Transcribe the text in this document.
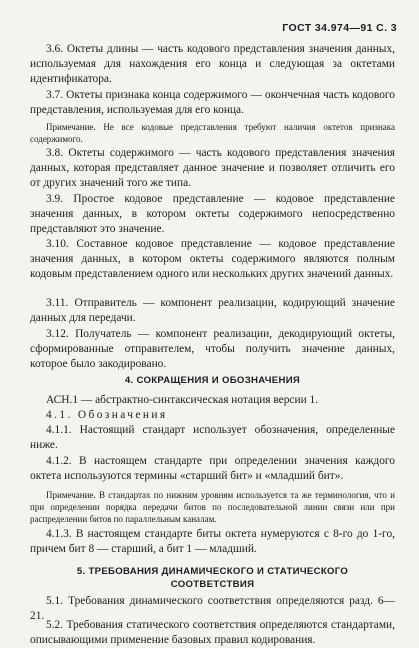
ГОСТ 34.974—91 С. 3

3.6. Октеты длины — часть кодового представления значения данных, используемая для нахождения его конца и следующая за октетами идентификатора.

3.7. Октеты признака конца содержимого — окончечная часть кодового представления, используемая для его конца.

Примечание. Не все кодовые представления требуют наличия октетов признака содержимого.

3.8. Октеты содержимого — часть кодового представления значения данных, которая представляет данное значение и позволяет отличить его от других значений того же типа.

3.9. Простое кодовое представление — кодовое представление значения данных, в котором октеты содержимого непосредственно представляют это значение.

3.10. Составное кодовое представление — кодовое представление значения данных, в котором октеты содержимого являются полным кодовым представлением одного или нескольких других значений данных.

3.11. Отправитель — компонент реализации, кодирующий значение данных для передачи.

3.12. Получатель — компонент реализации, декодирующий октеты, сформированные отправителем, чтобы получить значение данных, которое было закодировано.

4. СОКРАЩЕНИЯ И ОБОЗНАЧЕНИЯ

АСН.1 — абстрактно-синтаксическая нотация версии 1.

4.1. Обозначения

4.1.1. Настоящий стандарт использует обозначения, определенные ниже.

4.1.2. В настоящем стандарте при определении значения каждого октета используются термины «старший бит» и «младший бит».

Примечание. В стандартах по нижним уровням используется та же терминология, что и при определении порядка передачи битов по последовательной линии связи или при распределении битов по параллельным каналам.

4.1.3. В настоящем стандарте биты октета нумеруются с 8-го до 1-го, причем бит 8 — старший, а бит 1 — младший.

5. ТРЕБОВАНИЯ ДИНАМИЧЕСКОГО И СТАТИЧЕСКОГО
СООТВЕТСТВИЯ

5.1. Требования динамического соответствия определяются разд. 6—21.

5.2. Требования статического соответствия определяются стандартами, описывающими применение базовых правил кодирования.
